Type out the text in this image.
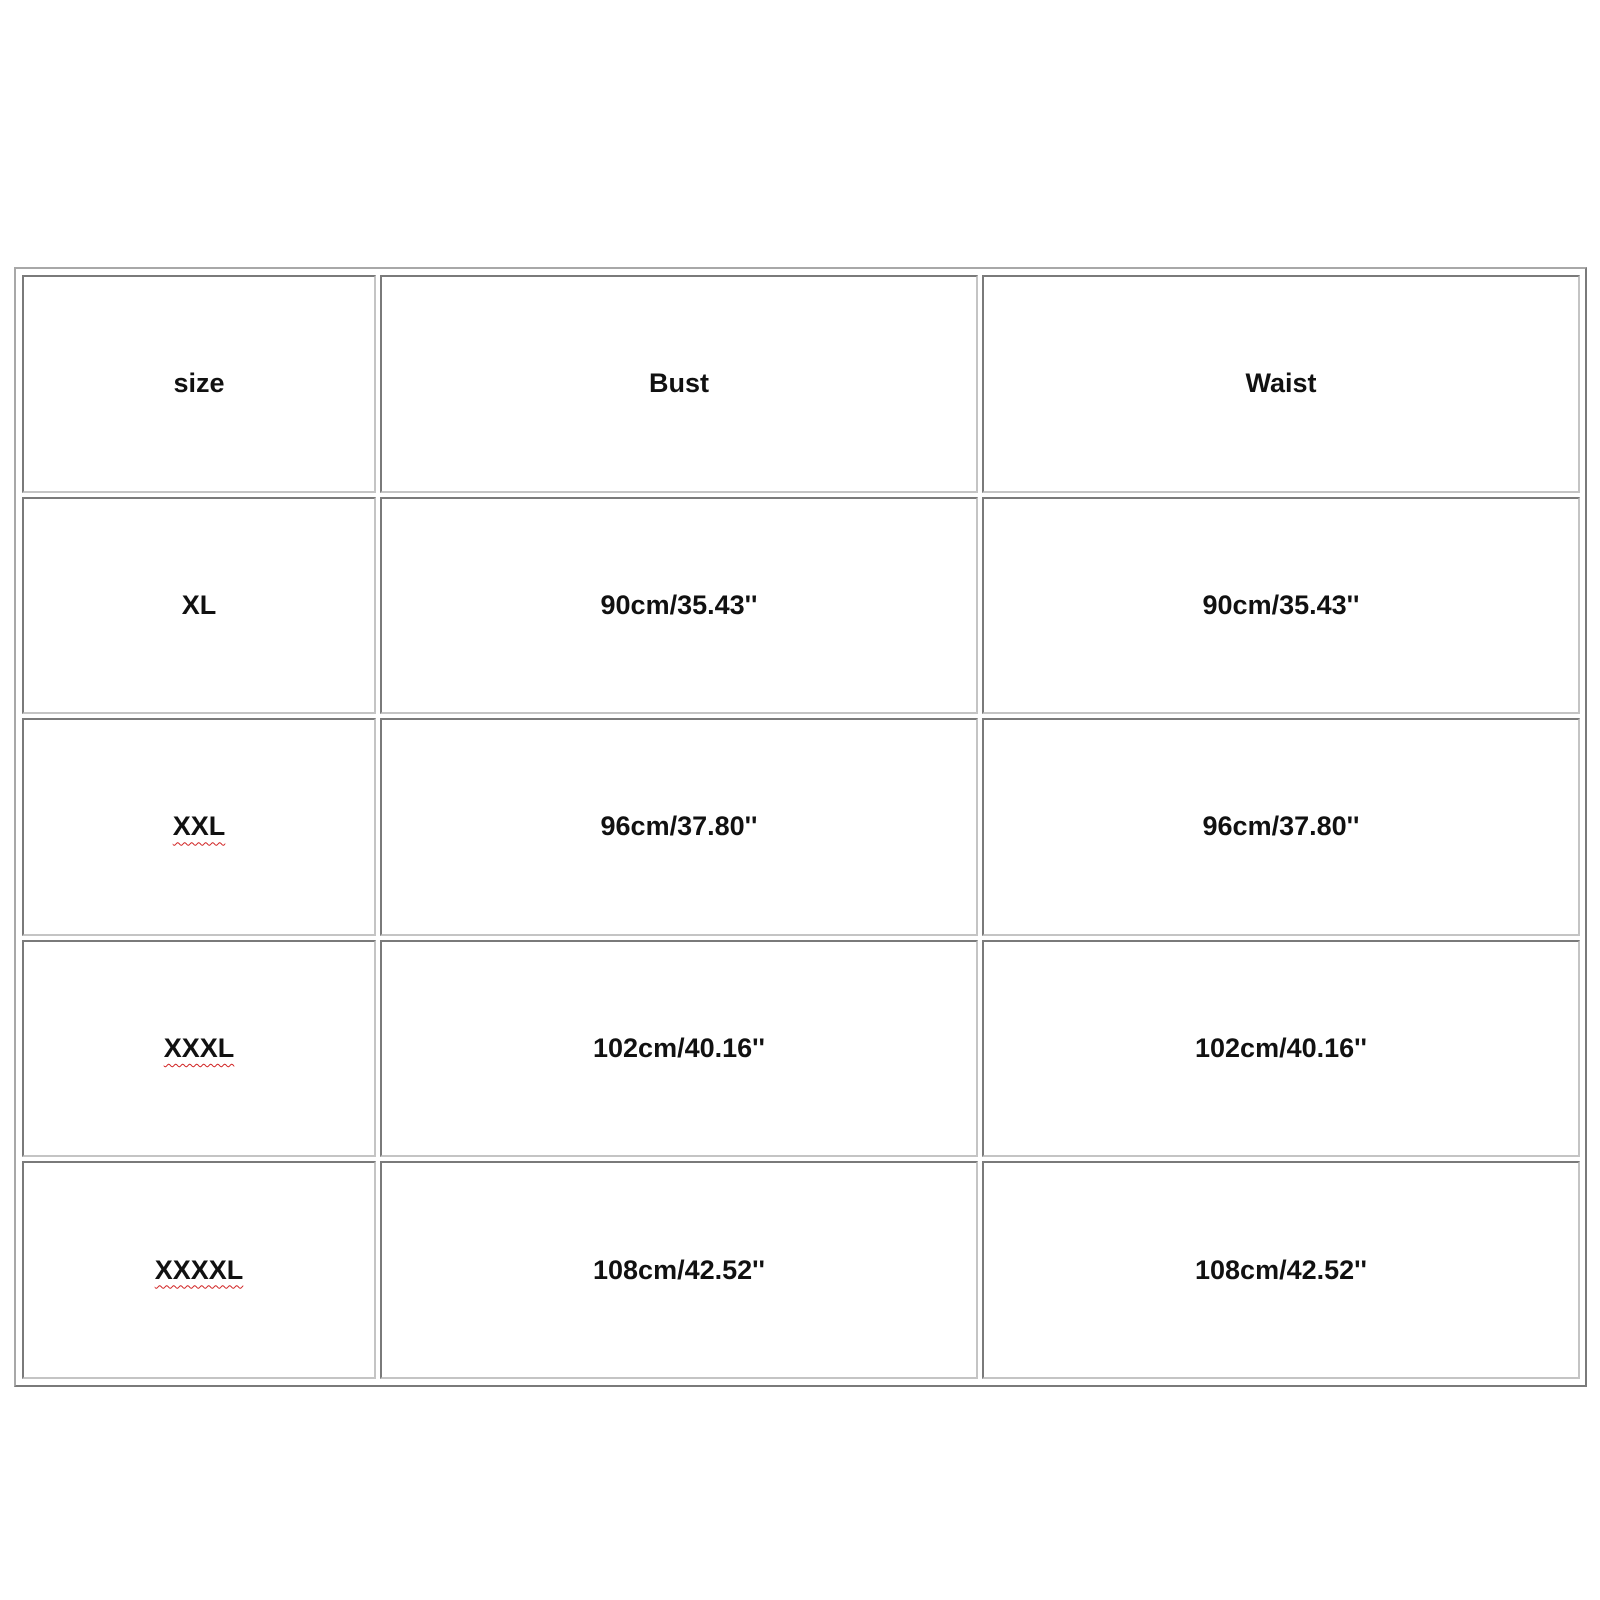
size	Bust	Waist
XL	90cm/35.43''	90cm/35.43''
XXL	96cm/37.80''	96cm/37.80''
XXXL	102cm/40.16''	102cm/40.16''
XXXXL	108cm/42.52''	108cm/42.52''
